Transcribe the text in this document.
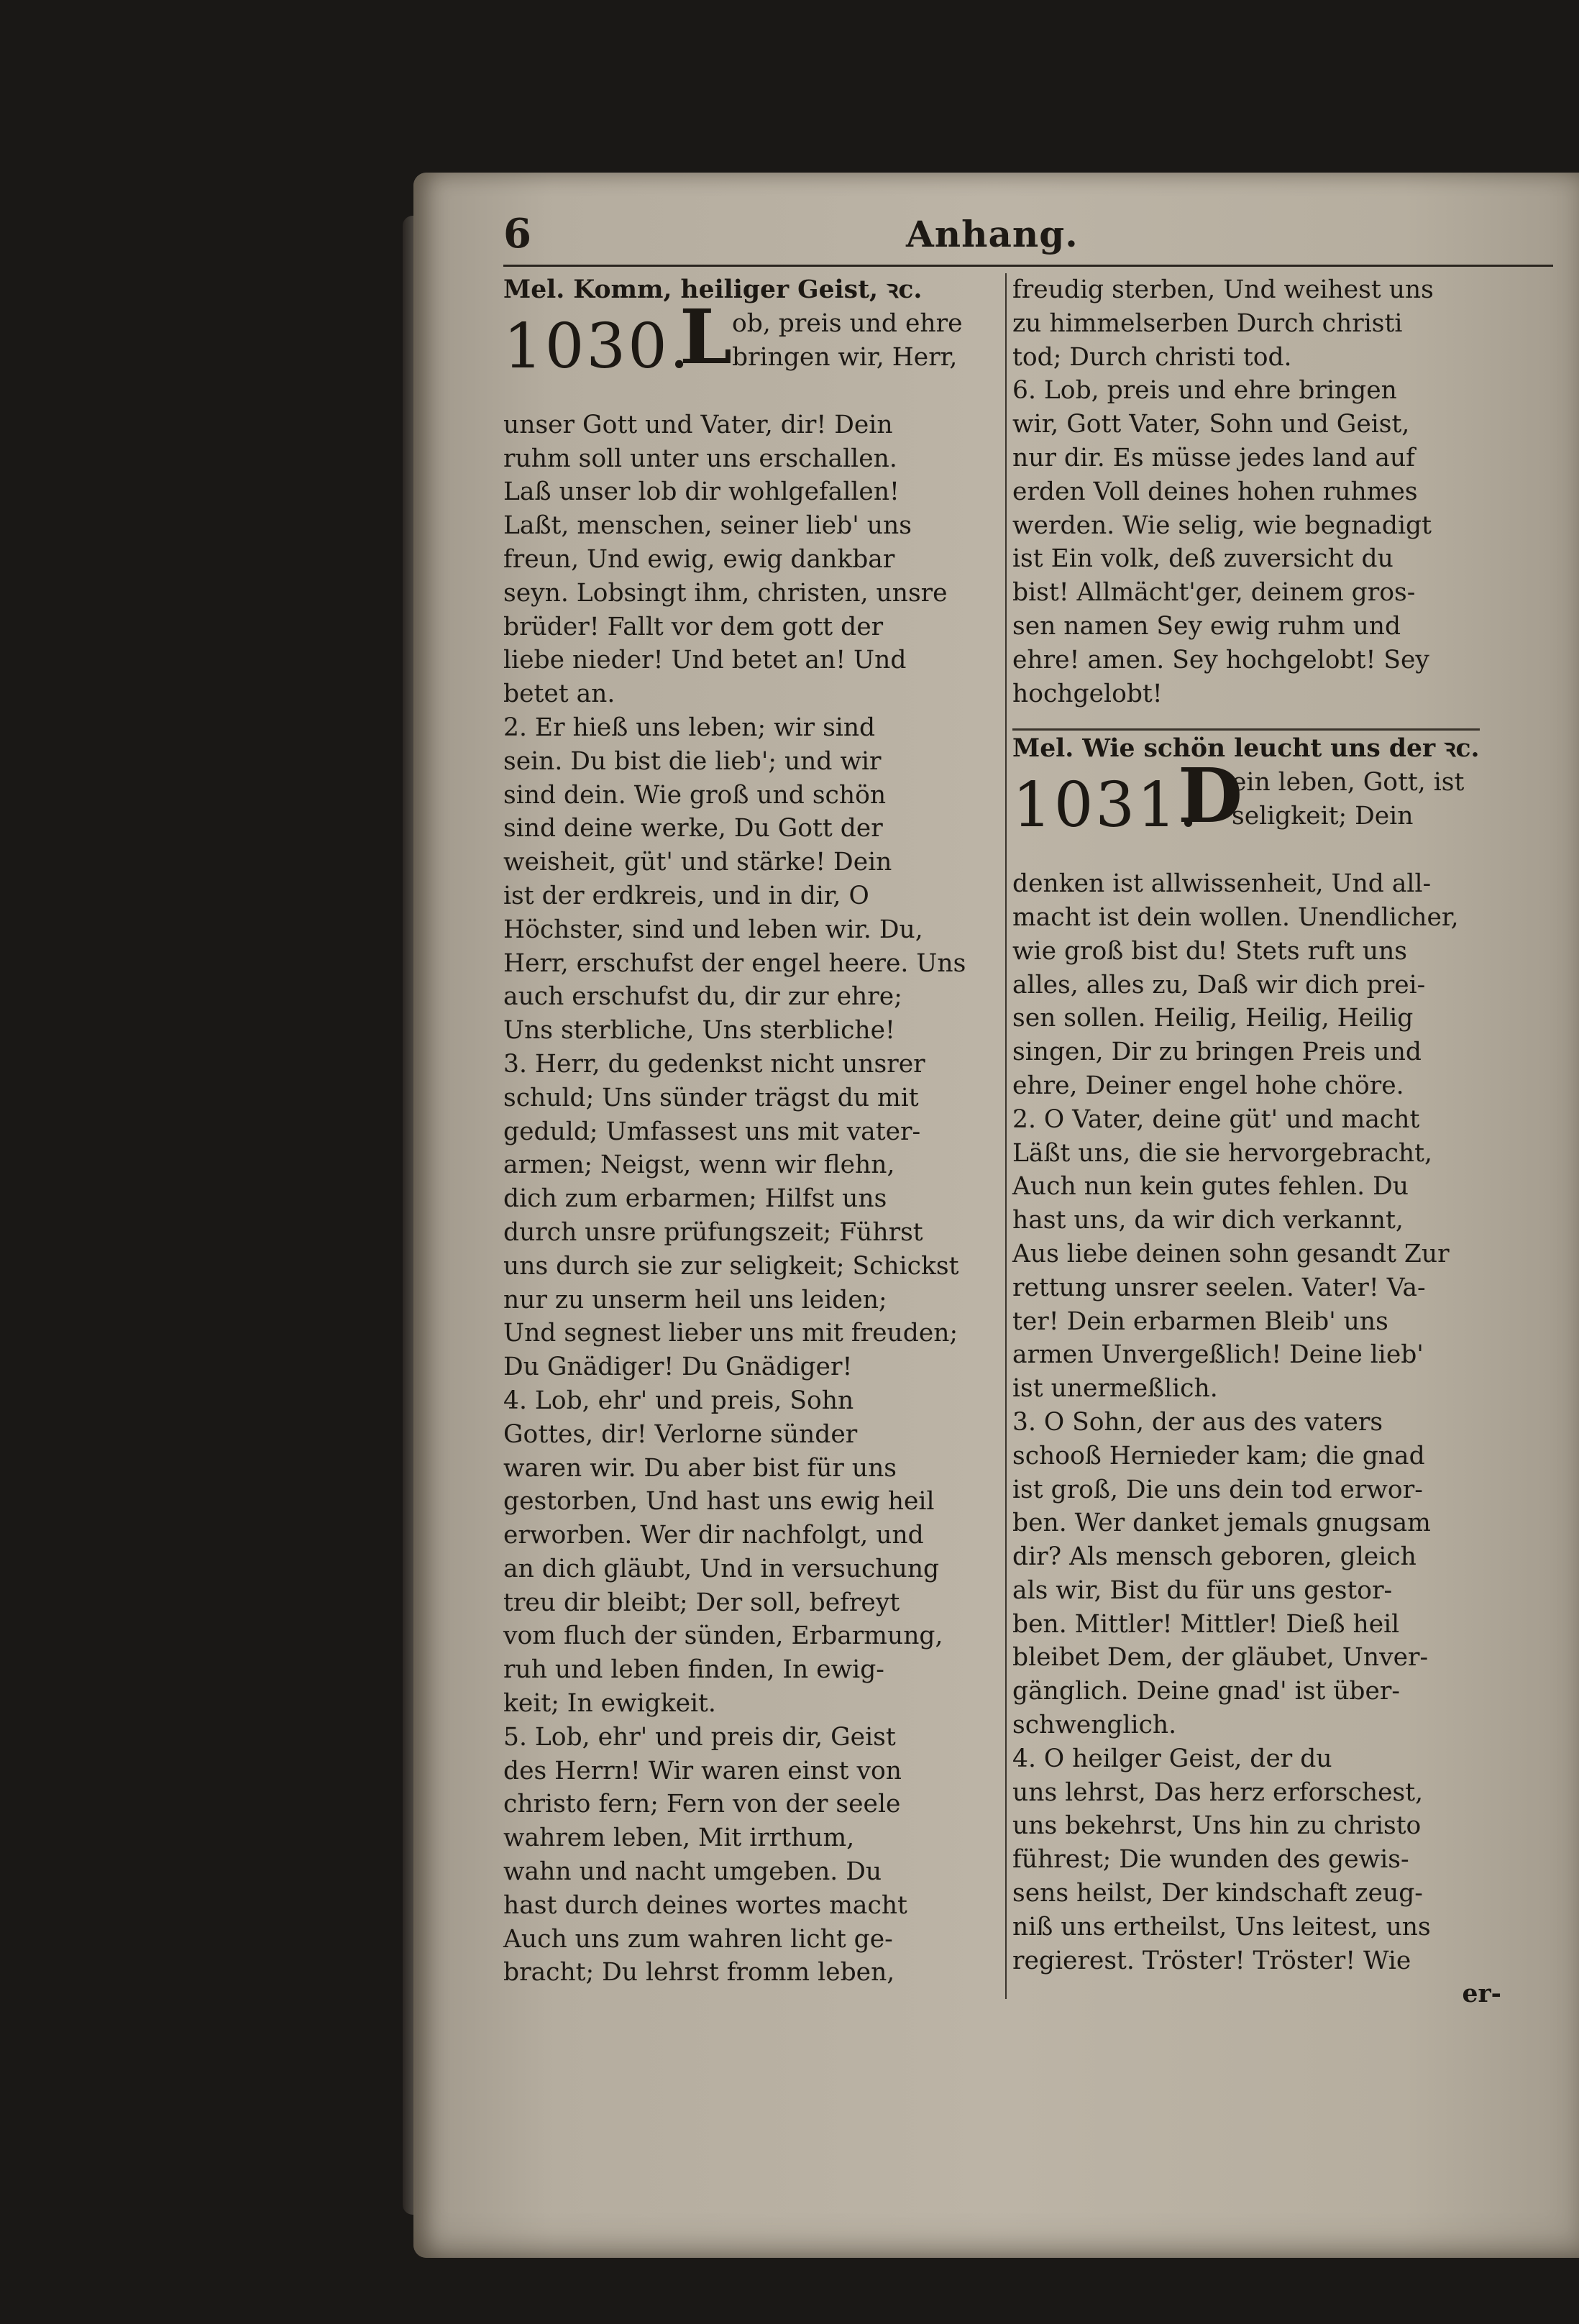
6	Anhang.
Mel. Komm, heiliger Geist, ꝛc.
1030.
L ob, preis und ehre
bringen wir, Herr,
unser Gott und Vater, dir! Dein
ruhm soll unter uns erschallen.
Laß unser lob dir wohlgefallen!
Laßt, menschen, seiner lieb' uns
freun, Und ewig, ewig dankbar
seyn. Lobsingt ihm, christen, unsre
brüder! Fallt vor dem gott der
liebe nieder! Und betet an! Und
betet an.
2. Er hieß uns leben; wir sind
sein. Du bist die lieb'; und wir
sind dein. Wie groß und schön
sind deine werke, Du Gott der
weisheit, güt' und stärke! Dein
ist der erdkreis, und in dir, O
Höchster, sind und leben wir. Du,
Herr, erschufst der engel heere. Uns
auch erschufst du, dir zur ehre;
Uns sterbliche, Uns sterbliche!
3. Herr, du gedenkst nicht unsrer
schuld; Uns sünder trägst du mit
geduld; Umfassest uns mit vater-
armen; Neigst, wenn wir flehn,
dich zum erbarmen; Hilfst uns
durch unsre prüfungszeit; Führst
uns durch sie zur seligkeit; Schickst
nur zu unserm heil uns leiden;
Und segnest lieber uns mit freuden;
Du Gnädiger! Du Gnädiger!
4. Lob, ehr' und preis, Sohn
Gottes, dir! Verlorne sünder
waren wir. Du aber bist für uns
gestorben, Und hast uns ewig heil
erworben. Wer dir nachfolgt, und
an dich gläubt, Und in versuchung
treu dir bleibt; Der soll, befreyt
vom fluch der sünden, Erbarmung,
ruh und leben finden, In ewig-
keit; In ewigkeit.
5. Lob, ehr' und preis dir, Geist
des Herrn! Wir waren einst von
christo fern; Fern von der seele
wahrem leben, Mit irrthum,
wahn und nacht umgeben. Du
hast durch deines wortes macht
Auch uns zum wahren licht ge-
bracht; Du lehrst fromm leben,
freudig sterben, Und weihest uns
zu himmelserben Durch christi
tod; Durch christi tod.
6. Lob, preis und ehre bringen
wir, Gott Vater, Sohn und Geist,
nur dir. Es müsse jedes land auf
erden Voll deines hohen ruhmes
werden. Wie selig, wie begnadigt
ist Ein volk, deß zuversicht du
bist! Allmächt'ger, deinem gros-
sen namen Sey ewig ruhm und
ehre! amen. Sey hochgelobt! Sey
hochgelobt!
Mel. Wie schön leucht uns der ꝛc.
1031.
D
ein leben, Gott, ist
seligkeit; Dein
denken ist allwissenheit, Und all-
macht ist dein wollen. Unendlicher,
wie groß bist du! Stets ruft uns
alles, alles zu, Daß wir dich prei-
sen sollen. Heilig, Heilig, Heilig
singen, Dir zu bringen Preis und
ehre, Deiner engel hohe chöre.
2. O Vater, deine güt' und macht
Läßt uns, die sie hervorgebracht,
Auch nun kein gutes fehlen. Du
hast uns, da wir dich verkannt,
Aus liebe deinen sohn gesandt Zur
rettung unsrer seelen. Vater! Va-
ter! Dein erbarmen Bleib' uns
armen Unvergeßlich! Deine lieb'
ist unermeßlich.
3. O Sohn, der aus des vaters
schooß Hernieder kam; die gnad
ist groß, Die uns dein tod erwor-
ben. Wer danket jemals gnugsam
dir? Als mensch geboren, gleich
als wir, Bist du für uns gestor-
ben. Mittler! Mittler! Dieß heil
bleibet Dem, der gläubet, Unver-
gänglich. Deine gnad' ist über-
schwenglich.
4. O heilger Geist, der du
uns lehrst, Das herz erforschest,
uns bekehrst, Uns hin zu christo
führest; Die wunden des gewis-
sens heilst, Der kindschaft zeug-
niß uns ertheilst, Uns leitest, uns
regierest. Tröster! Tröster! Wie
er-
